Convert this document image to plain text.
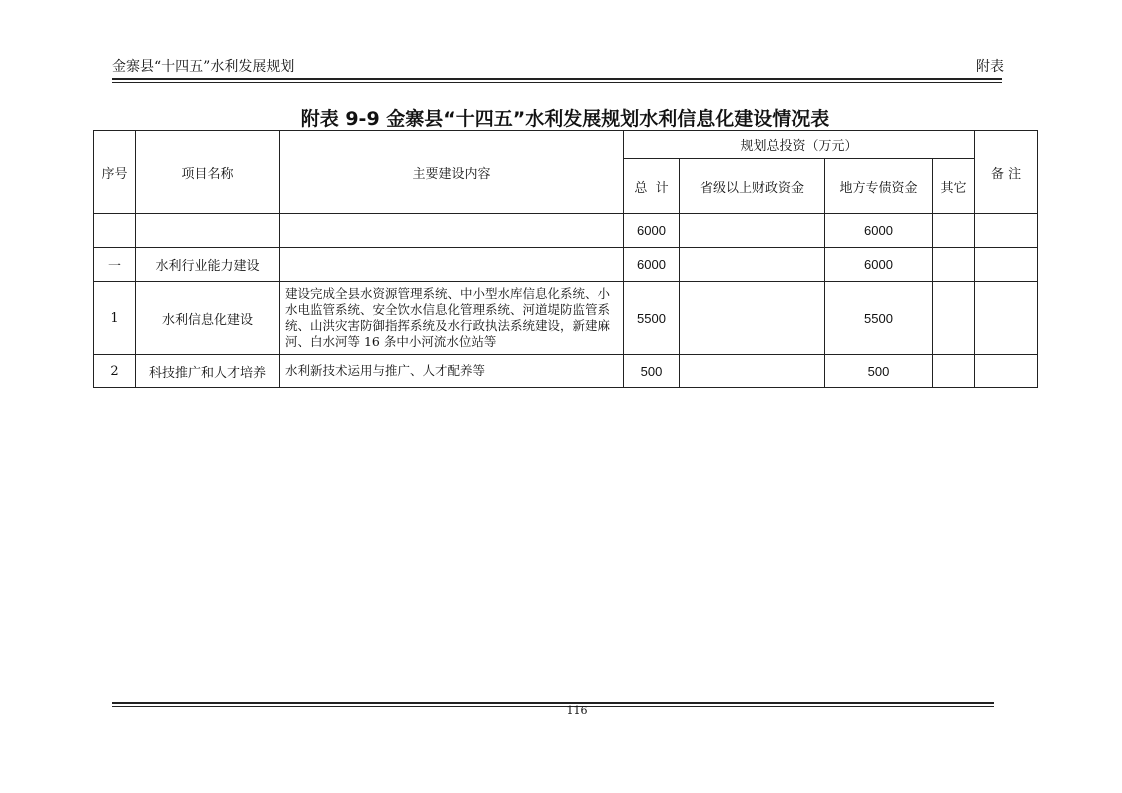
金寨县“十四五”水利发展规划	附表
附表 9-9 金寨县“十四五”水利发展规划水利信息化建设情况表
序号	项目名称	主要建设内容	规划总投资（万元）				备 注
			总  计	省级以上财政资金	地方专债资金	其它	
			6000		6000		
一	水利行业能力建设		6000		6000		
1	水利信息化建设	建设完成全县水资源管理系统、中小型水库信息化系统、小水电监管系统、安全饮水信息化管理系统、河道堤防监管系统、山洪灾害防御指挥系统及水行政执法系统建设，新建麻河、白水河等 16 条中小河流水位站等	5500		5500		
2	科技推广和人才培养	水利新技术运用与推广、人才配养等	500		500		
116
